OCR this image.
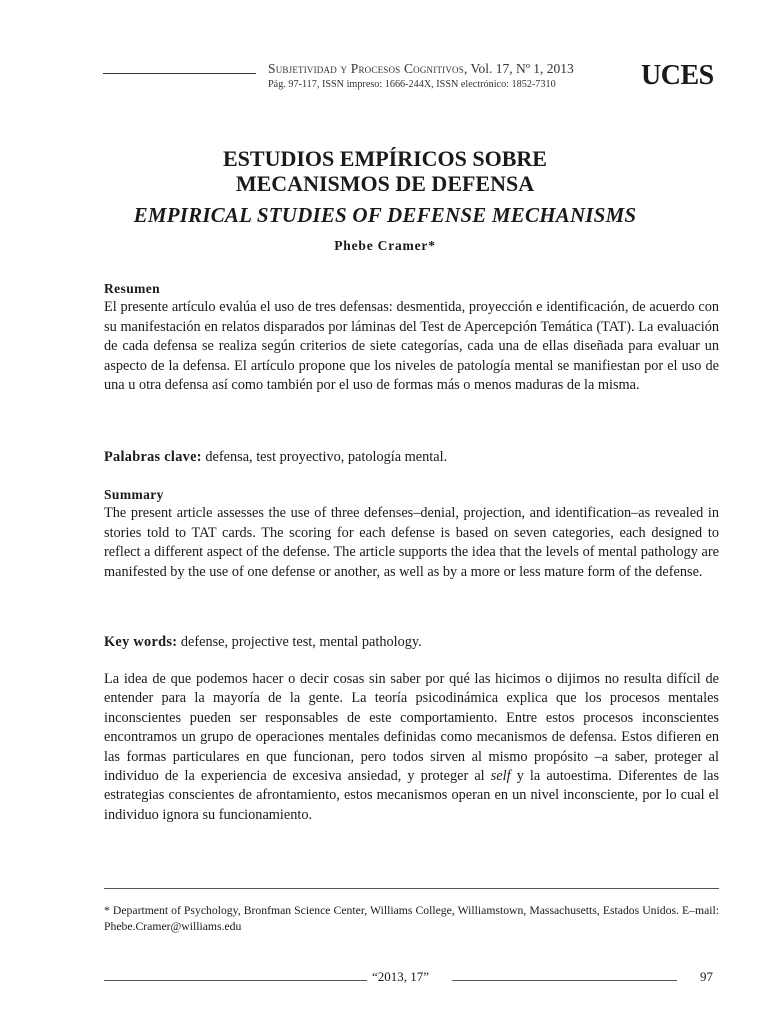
Subjetividad y Procesos Cognitivos, Vol. 17, Nº 1, 2013
Pág. 97-117, ISSN impreso: 1666-244X, ISSN electrónico: 1852-7310	UCES
ESTUDIOS EMPÍRICOS SOBRE
MECANISMOS DE DEFENSA
EMPIRICAL STUDIES OF DEFENSE MECHANISMS
Phebe Cramer*
Resumen
El presente artículo evalúa el uso de tres defensas: desmentida, proyección e identificación, de acuerdo con su manifestación en relatos disparados por láminas del Test de Apercepción Temática (TAT). La evaluación de cada defensa se realiza según criterios de siete categorías, cada una de ellas diseñada para evaluar un aspecto de la defensa. El artículo propone que los niveles de patología mental se manifiestan por el uso de una u otra defensa así como también por el uso de formas más o menos maduras de la misma.
Palabras clave: defensa, test proyectivo, patología mental.
Summary
The present article assesses the use of three defenses–denial, projection, and identification–as revealed in stories told to TAT cards. The scoring for each defense is based on seven categories, each designed to reflect a different aspect of the defense. The article supports the idea that the levels of mental pathology are manifested by the use of one defense or another, as well as by a more or less mature form of the defense.
Key words: defense, projective test, mental pathology.
La idea de que podemos hacer o decir cosas sin saber por qué las hicimos o dijimos no resulta difícil de entender para la mayoría de la gente. La teoría psicodinámica explica que los procesos mentales inconscientes pueden ser responsables de este comportamiento. Entre estos procesos inconscientes encontramos un grupo de operaciones mentales definidas como mecanismos de defensa. Estos difieren en las formas particulares en que funcionan, pero todos sirven al mismo propósito –a saber, proteger al individuo de la experiencia de excesiva ansiedad, y proteger al self y la autoestima. Diferentes de las estrategias conscientes de afrontamiento, estos mecanismos operan en un nivel inconsciente, por lo cual el individuo ignora su funcionamiento.
* Department of Psychology, Bronfman Science Center, Williams College, Williamstown, Massachusetts, Estados Unidos. E–mail: Phebe.Cramer@williams.edu
“2013, 17”	97
